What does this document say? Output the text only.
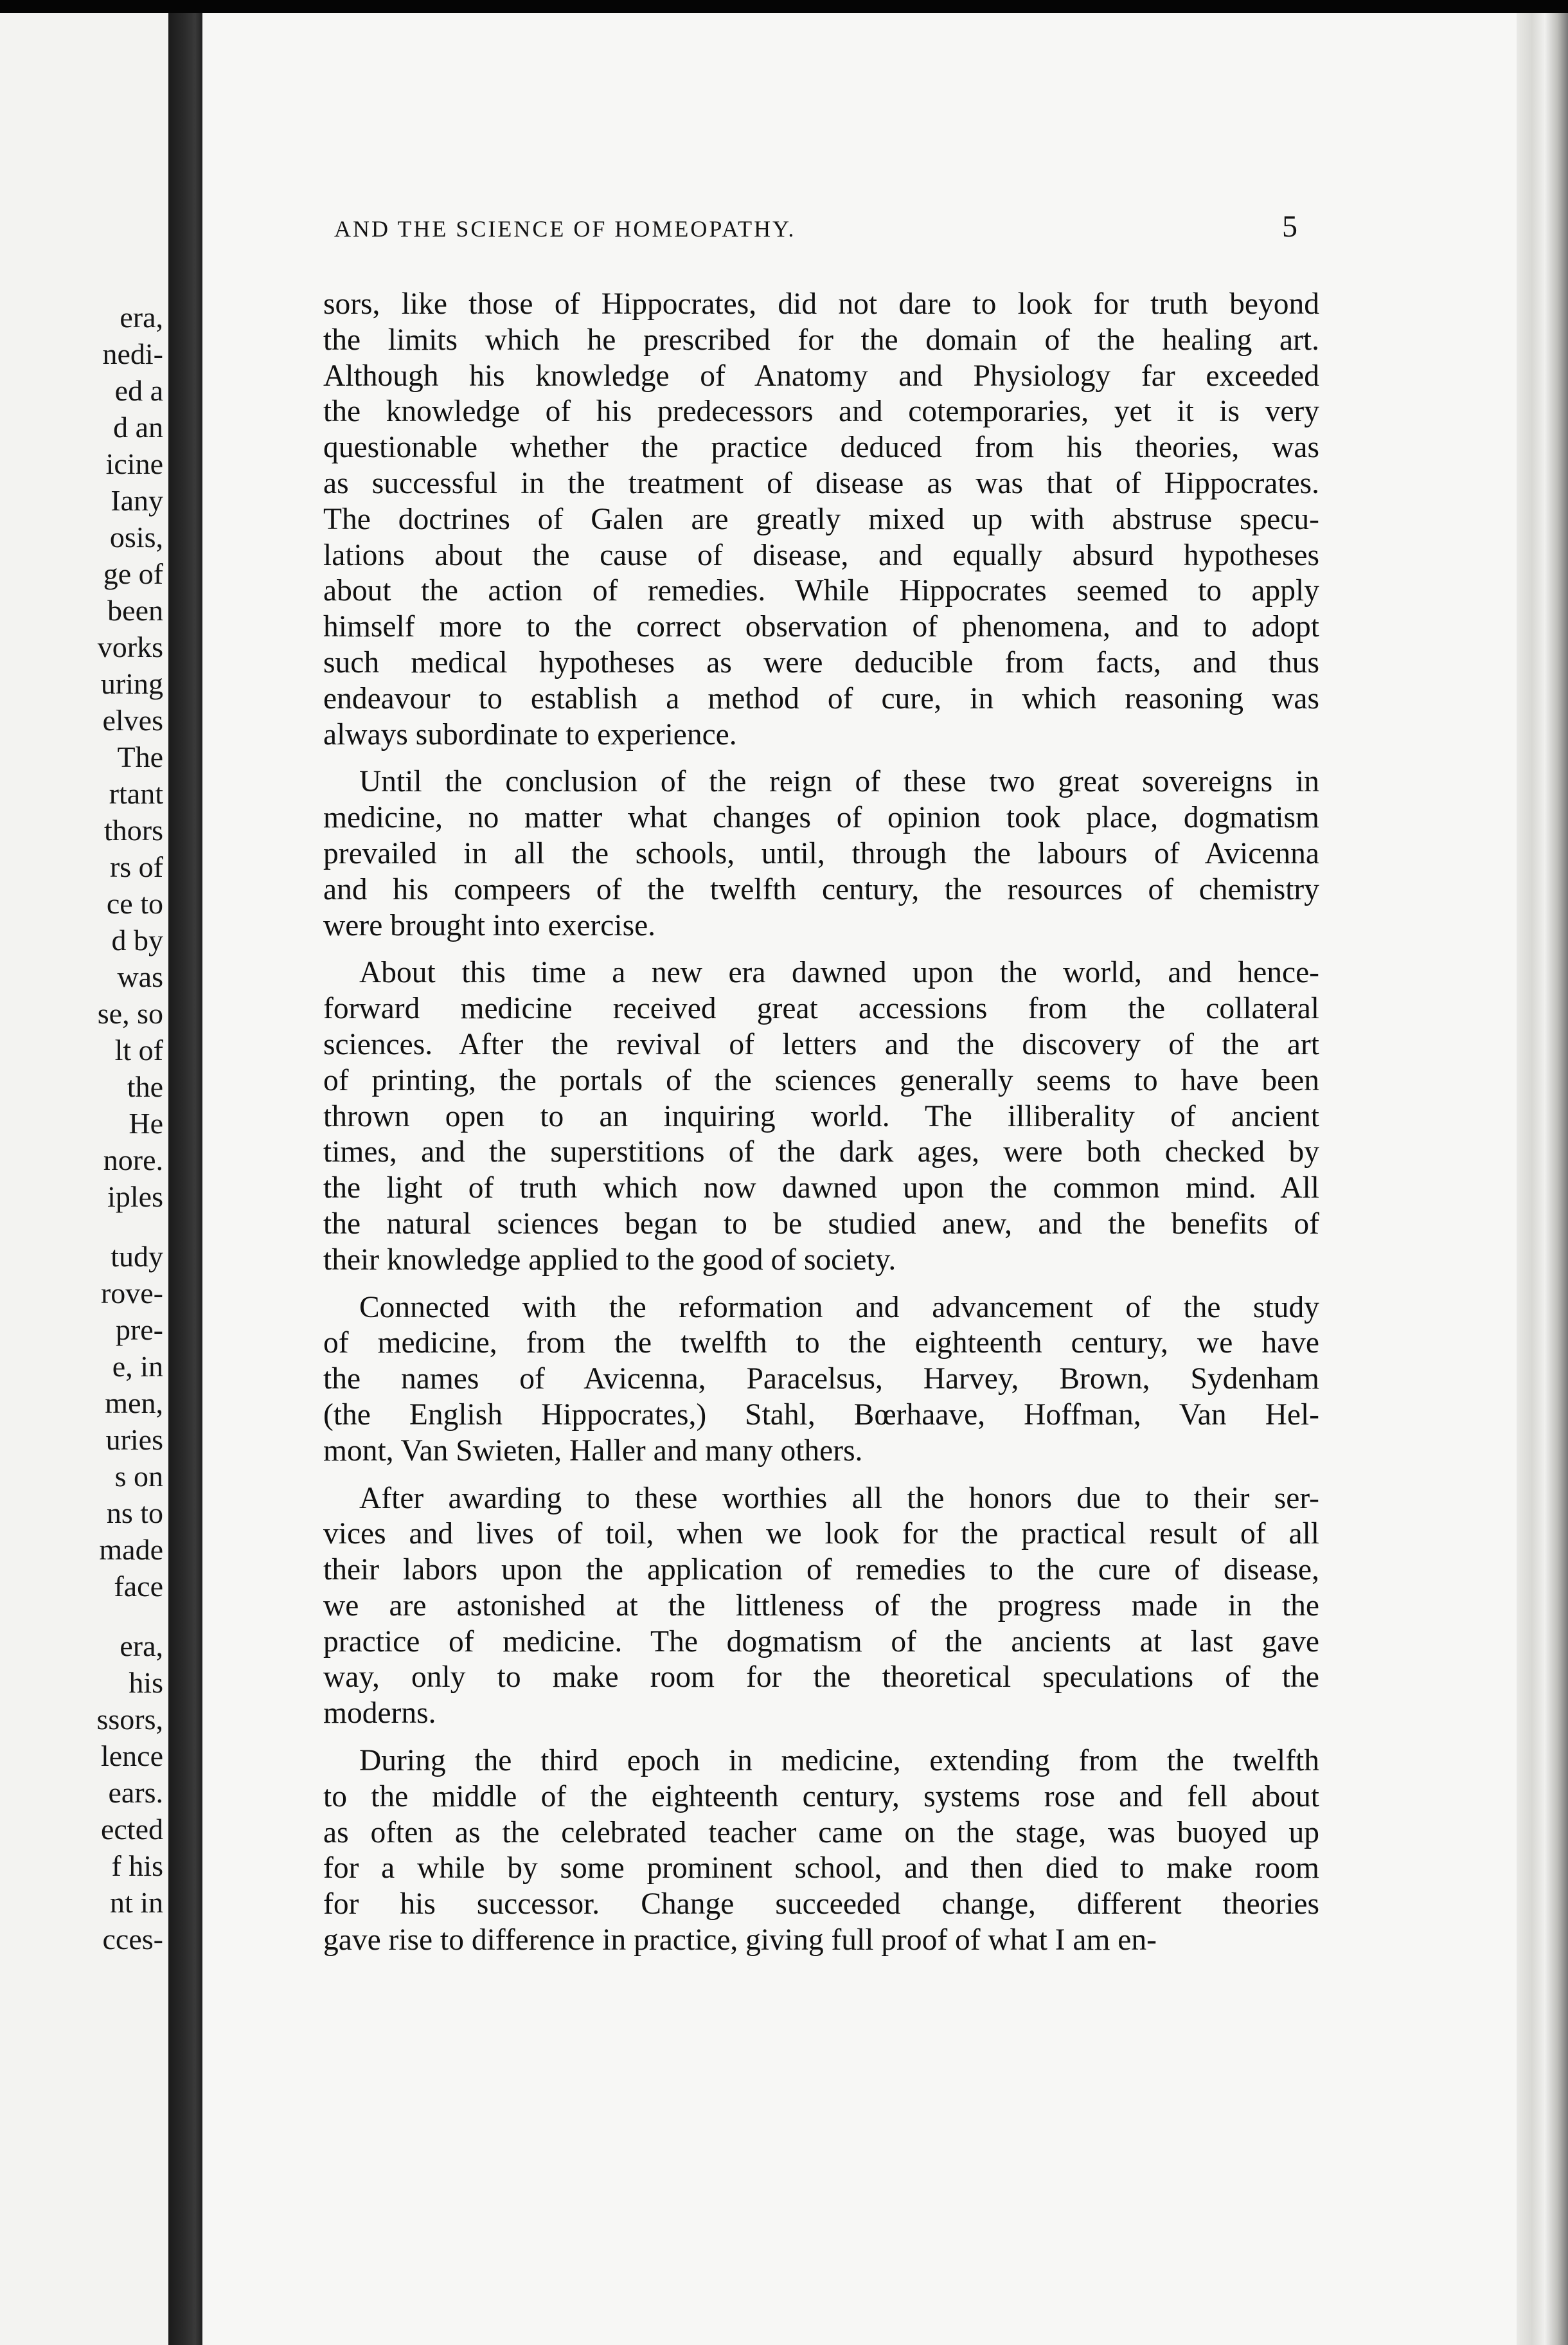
era,
nedi-
ed a
d an
icine
Iany
osis,
ge of
been
vorks
uring
elves
The
rtant
thors
rs of
ce to
d by
was
se, so
lt of
the
He
nore.
iples
tudy
rove-
pre-
e, in
men,
uries
s on
ns to
made
face
era,
his
ssors,
lence
ears.
ected
f his
nt in
cces-
AND THE SCIENCE OF HOMEOPATHY.	5
sors, like those of Hippocrates, did not dare to look for truth beyond
the limits which he prescribed for the domain of the healing art.
Although his knowledge of Anatomy and Physiology far exceeded
the knowledge of his predecessors and cotemporaries, yet it is very
questionable whether the practice deduced from his theories, was
as successful in the treatment of disease as was that of Hippocrates.
The doctrines of Galen are greatly mixed up with abstruse specu-
lations about the cause of disease, and equally absurd hypotheses
about the action of remedies. While Hippocrates seemed to apply
himself more to the correct observation of phenomena, and to adopt
such medical hypotheses as were deducible from facts, and thus
endeavour to establish a method of cure, in which reasoning was
always subordinate to experience.
Until the conclusion of the reign of these two great sovereigns in
medicine, no matter what changes of opinion took place, dogmatism
prevailed in all the schools, until, through the labours of Avicenna
and his compeers of the twelfth century, the resources of chemistry
were brought into exercise.
About this time a new era dawned upon the world, and hence-
forward medicine received great accessions from the collateral
sciences. After the revival of letters and the discovery of the art
of printing, the portals of the sciences generally seems to have been
thrown open to an inquiring world. The illiberality of ancient
times, and the superstitions of the dark ages, were both checked by
the light of truth which now dawned upon the common mind. All
the natural sciences began to be studied anew, and the benefits of
their knowledge applied to the good of society.
Connected with the reformation and advancement of the study
of medicine, from the twelfth to the eighteenth century, we have
the names of Avicenna, Paracelsus, Harvey, Brown, Sydenham
(the English Hippocrates,) Stahl, Bœrhaave, Hoffman, Van Hel-
mont, Van Swieten, Haller and many others.
After awarding to these worthies all the honors due to their ser-
vices and lives of toil, when we look for the practical result of all
their labors upon the application of remedies to the cure of disease,
we are astonished at the littleness of the progress made in the
practice of medicine. The dogmatism of the ancients at last gave
way, only to make room for the theoretical speculations of the
moderns.
During the third epoch in medicine, extending from the twelfth
to the middle of the eighteenth century, systems rose and fell about
as often as the celebrated teacher came on the stage, was buoyed up
for a while by some prominent school, and then died to make room
for his successor. Change succeeded change, different theories
gave rise to difference in practice, giving full proof of what I am en-
